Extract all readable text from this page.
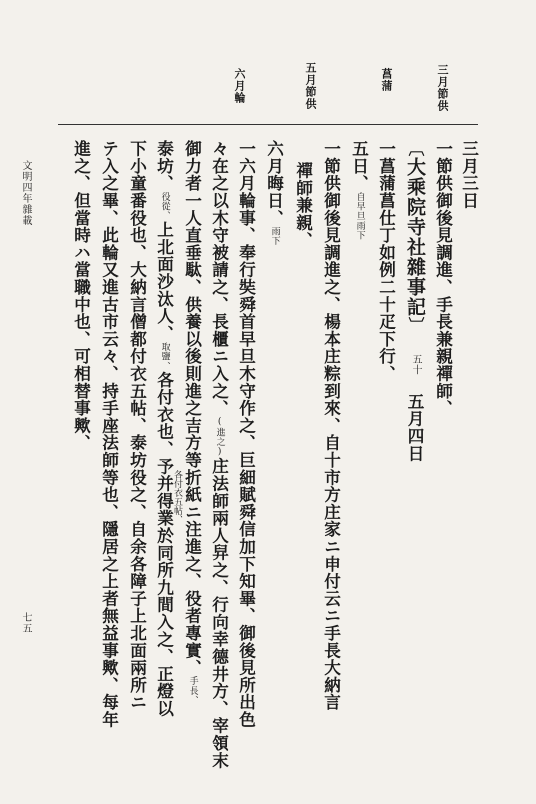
三月節供
菖蒲
五月節供
六月輪
三月三日
一節供御後見調進、手長兼親禪師、
〔大乘院寺社雜事記〕 五十　五月四日
一菖蒲菖仕丁如例二十疋下行、
五日、自早旦雨下
一節供御後見調進之、楊本庄粽到來、自十市方庄家ニ申付云ニ手長大納言
禪師兼親、
六月晦日、雨下
一六月輪事、奉行奘舜首早旦木守作之、巨細賦舜信加下知畢、御後見所出色
々在之以木守被請之、長櫃ニ入之、(進之)庄法師兩人舁之、行向幸德井方、宰領末
御力者一人直垂駄、供養以後則進之吉方等折紙ニ注進之、役者專實、手長、
泰坊、役從、上北面沙汰人、取鹽、各付衣也、予并得業於同所九間入之、正燈以
各付衣五帖、
下小童番役也、大納言僧都付衣五帖、泰坊役之、自余各障子上北面兩所ニ
テ入之畢、此輪又進古市云々、持手座法師等也、隱居之上者無益事歟、每年
進之、但當時ハ當職中也、可相替事歟、
文明四年雜載
七五
